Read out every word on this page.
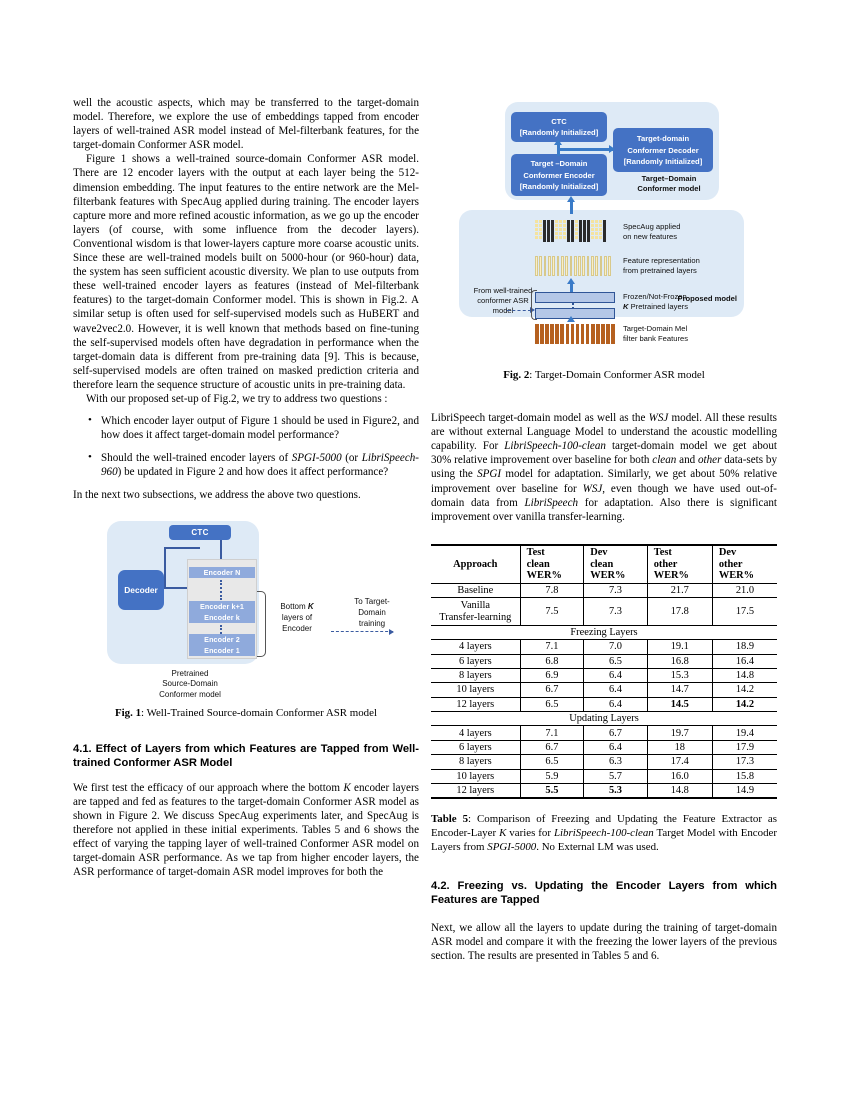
well the acoustic aspects, which may be transferred to the target-domain model. Therefore, we explore the use of embeddings tapped from encoder layers of well-trained ASR model instead of Mel-filterbank features, for the target-domain Conformer ASR model.

Figure 1 shows a well-trained source-domain Conformer ASR model. There are 12 encoder layers with the output at each layer being the 512-dimension embedding. The input features to the entire network are the Mel-filterbank features with SpecAug applied during training. The encoder layers capture more and more refined acoustic information, as we go up the encoder layers (of course, with some influence from the decoder layers). Conventional wisdom is that lower-layers capture more coarse acoustic units. Since these are well-trained models built on 5000-hour (or 960-hour) data, the system has seen sufficient acoustic diversity. We plan to use outputs from these well-trained encoder layers as features (instead of Mel-filterbank features) to the target-domain Conformer model. This is shown in Fig.2. A similar setup is often used for self-supervised models such as HuBERT and wave2vec2.0. However, it is well known that methods based on fine-tuning the self-supervised models often have degradation in performance when the target-domain data is different from pre-training data [9]. This is because, self-supervised models are often trained on masked prediction criteria and therefore learn the sequence structure of acoustic units in pre-training data.

With our proposed set-up of Fig.2, we try to address two questions :

• Which encoder layer output of Figure 1 should be used in Figure2, and how does it affect target-domain model performance?
• Should the well-trained encoder layers of SPGI-5000 (or LibriSpeech-960) be updated in Figure 2 and how does it affect performance?

In the next two subsections, we address the above two questions.

CTC
Decoder
Encoder N
Encoder k+1
Encoder k
Encoder 2
Encoder 1
Bottom K
layers of
Encoder
To Target-
Domain
training
Pretrained
Source-Domain
Conformer model

Fig. 1: Well-Trained Source-domain Conformer ASR model

4.1. Effect of Layers from which Features are Tapped from Well-trained Conformer ASR Model

We first test the efficacy of our approach where the bottom K encoder layers are tapped and fed as features to the target-domain Conformer ASR model as shown in Figure 2. We discuss SpecAug experiments later, and SpecAug is therefore not applied in these initial experiments. Tables 5 and 6 shows the effect of varying the tapping layer of well-trained Conformer ASR model on target-domain ASR performance. As we tap from higher encoder layers, the ASR performance of target-domain ASR model improves for both the

CTC
[Randomly Initialized]
Target-domain
Conformer Decoder
[Randomly Initialized]
Target –Domain
Conformer Encoder
[Randomly Initialized]
Target–Domain
Conformer model
SpecAug applied
on new features
Feature representation
from pretrained layers
Frozen/Not-Frozen
K Pretrained layers
From well-trained
conformer ASR
model
Proposed model
Target-Domain Mel
filter bank Features

Fig. 2: Target-Domain Conformer ASR model

LibriSpeech target-domain model as well as the WSJ model. All these results are without external Language Model to understand the acoustic modelling capability. For LibriSpeech-100-clean target-domain model we get about 30% relative improvement over baseline for both clean and other data-sets by using the SPGI model for adaptation. Similarly, we get about 50% relative improvement over baseline for WSJ, even though we have used out-of-domain data from LibriSpeech for adaptation. Also there is significant improvement over vanilla transfer-learning.

Approach	Test
clean
WER%	Dev
clean
WER%	Test
other
WER%	Dev
other
WER%
Baseline	7.8	7.3	21.7	21.0
Vanilla
Transfer-learning	7.5	7.3	17.8	17.5
Freezing Layers				
4 layers	7.1	7.0	19.1	18.9
6 layers	6.8	6.5	16.8	16.4
8 layers	6.9	6.4	15.3	14.8
10 layers	6.7	6.4	14.7	14.2
12 layers	6.5	6.4	14.5	14.2
Updating Layers				
4 layers	7.1	6.7	19.7	19.4
6 layers	6.7	6.4	18	17.9
8 layers	6.5	6.3	17.4	17.3
10 layers	5.9	5.7	16.0	15.8
12 layers	5.5	5.3	14.8	14.9

Table 5: Comparison of Freezing and Updating the Feature Extractor as Encoder-Layer K varies for LibriSpeech-100-clean Target Model with Encoder Layers from SPGI-5000. No External LM was used.

4.2. Freezing vs. Updating the Encoder Layers from which Features are Tapped

Next, we allow all the layers to update during the training of target-domain ASR model and compare it with the freezing the lower layers of the previous section. The results are presented in Tables 5 and 6.
